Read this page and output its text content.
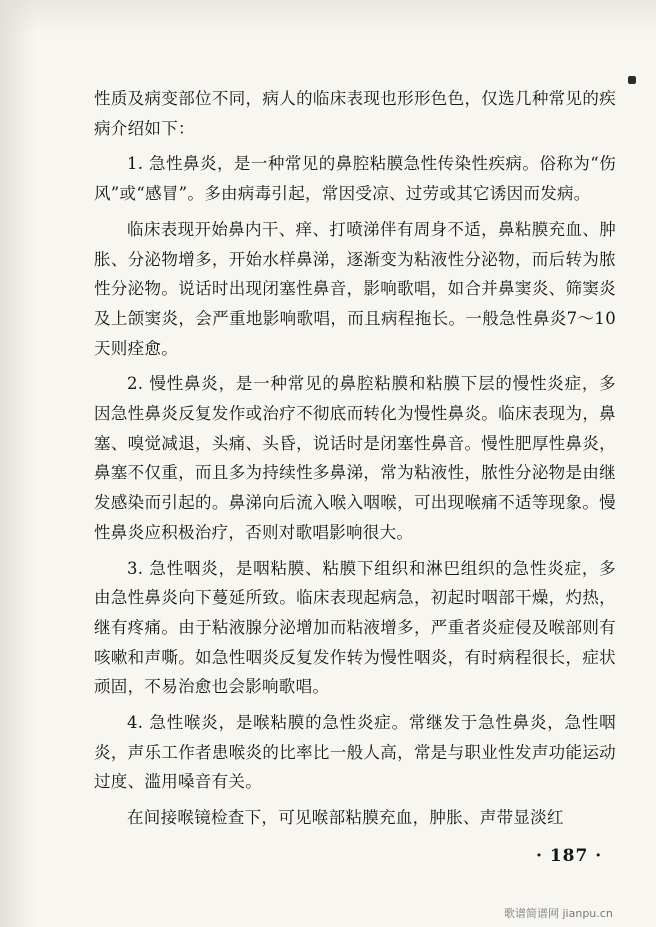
性质及病变部位不同，病人的临床表现也形形色色，仅选几种常见的疾病介绍如下：

1. 急性鼻炎，是一种常见的鼻腔粘膜急性传染性疾病。俗称为“伤风”或“感冒”。多由病毒引起，常因受凉、过劳或其它诱因而发病。

临床表现开始鼻内干、痒、打喷涕伴有周身不适，鼻粘膜充血、肿胀、分泌物增多，开始水样鼻涕，逐渐变为粘液性分泌物，而后转为脓性分泌物。说话时出现闭塞性鼻音，影响歌唱，如合并鼻窦炎、筛窦炎及上颌窦炎，会严重地影响歌唱，而且病程拖长。一般急性鼻炎7～10天则痊愈。

2. 慢性鼻炎，是一种常见的鼻腔粘膜和粘膜下层的慢性炎症，多因急性鼻炎反复发作或治疗不彻底而转化为慢性鼻炎。临床表现为，鼻塞、嗅觉减退，头痛、头昏，说话时是闭塞性鼻音。慢性肥厚性鼻炎，鼻塞不仅重，而且多为持续性多鼻涕，常为粘液性，脓性分泌物是由继发感染而引起的。鼻涕向后流入喉入咽喉，可出现喉痛不适等现象。慢性鼻炎应积极治疗，否则对歌唱影响很大。

3. 急性咽炎，是咽粘膜、粘膜下组织和淋巴组织的急性炎症，多由急性鼻炎向下蔓延所致。临床表现起病急，初起时咽部干燥，灼热，继有疼痛。由于粘液腺分泌增加而粘液增多，严重者炎症侵及喉部则有咳嗽和声嘶。如急性咽炎反复发作转为慢性咽炎，有时病程很长，症状顽固，不易治愈也会影响歌唱。

4. 急性喉炎，是喉粘膜的急性炎症。常继发于急性鼻炎，急性咽炎，声乐工作者患喉炎的比率比一般人高，常是与职业性发声功能运动过度、滥用嗓音有关。

在间接喉镜检查下，可见喉部粘膜充血，肿胀、声带显淡红

· 187 ·
歌谱简谱网 jianpu.cn
